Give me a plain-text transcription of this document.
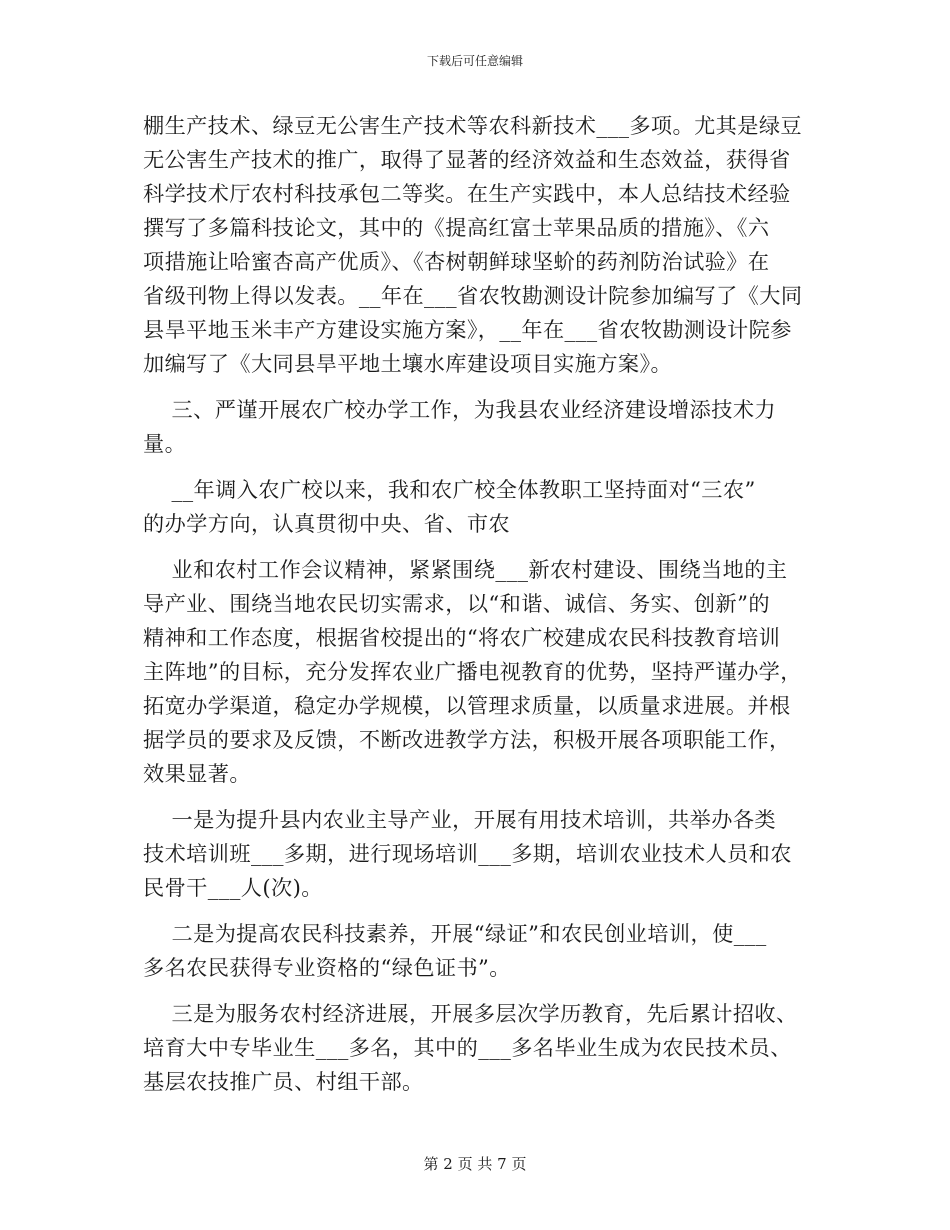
下载后可任意编辑

棚生产技术、绿豆无公害生产技术等农科新技术___多项。尤其是绿豆

无公害生产技术的推广，取得了显著的经济效益和生态效益，获得省

科学技术厅农村科技承包二等奖。在生产实践中，本人总结技术经验

撰写了多篇科技论文，其中的《提高红富士苹果品质的措施》、《六

项措施让哈蜜杏高产优质》、《杏树朝鲜球坚蚧的药剂防治试验》在

省级刊物上得以发表。__年在___省农牧勘测设计院参加编写了《大同

县旱平地玉米丰产方建设实施方案》，__年在___省农牧勘测设计院参

加编写了《大同县旱平地土壤水库建设项目实施方案》。

三、严谨开展农广校办学工作，为我县农业经济建设增添技术力

量。

__年调入农广校以来，我和农广校全体教职工坚持面对“三农”

的办学方向，认真贯彻中央、省、市农

业和农村工作会议精神，紧紧围绕___新农村建设、围绕当地的主

导产业、围绕当地农民切实需求，以“和谐、诚信、务实、创新”的

精神和工作态度，根据省校提出的“将农广校建成农民科技教育培训

主阵地”的目标，充分发挥农业广播电视教育的优势，坚持严谨办学，

拓宽办学渠道，稳定办学规模，以管理求质量，以质量求进展。并根

据学员的要求及反馈，不断改进教学方法，积极开展各项职能工作，

效果显著。

一是为提升县内农业主导产业，开展有用技术培训，共举办各类

技术培训班___多期，进行现场培训___多期，培训农业技术人员和农

民骨干___人(次)。

二是为提高农民科技素养，开展“绿证”和农民创业培训，使___

多名农民获得专业资格的“绿色证书”。

三是为服务农村经济进展，开展多层次学历教育，先后累计招收、

培育大中专毕业生___多名，其中的___多名毕业生成为农民技术员、

基层农技推广员、村组干部。

第 2 页 共 7 页
